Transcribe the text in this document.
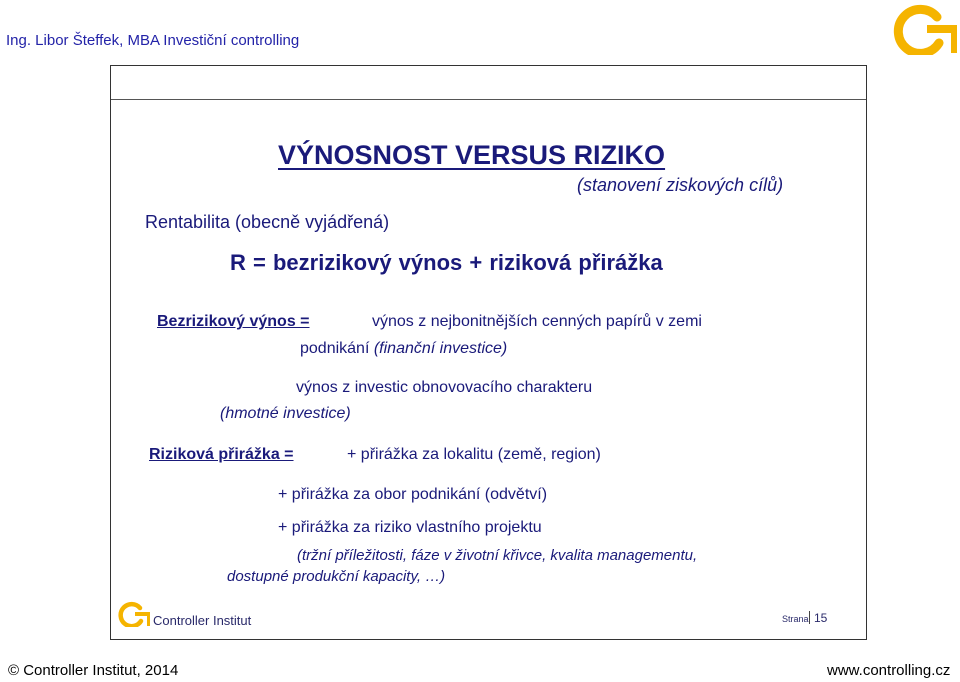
Ing. Libor Šteffek, MBA Investiční controlling
VÝNOSNOST VERSUS RIZIKO
(stanovení ziskových cílů)
Rentabilita (obecně vyjádřená)
R = bezrizikový výnos + riziková přirážka
Bezrizikový výnos =	výnos z nejbonitnějších cenných papírů v zemi
podnikání (finanční investice)
výnos z investic obnovovacího charakteru
(hmotné investice)
Riziková přirážka =	+ přirážka za lokalitu (země, region)
+ přirážka za obor podnikání (odvětví)
+ přirážka za riziko vlastního projektu
(tržní příležitosti, fáze v životní křivce, kvalita managementu,
dostupné produkční kapacity, …)
Controller Institut	Strana 15
© Controller Institut, 2014	www.controlling.cz
